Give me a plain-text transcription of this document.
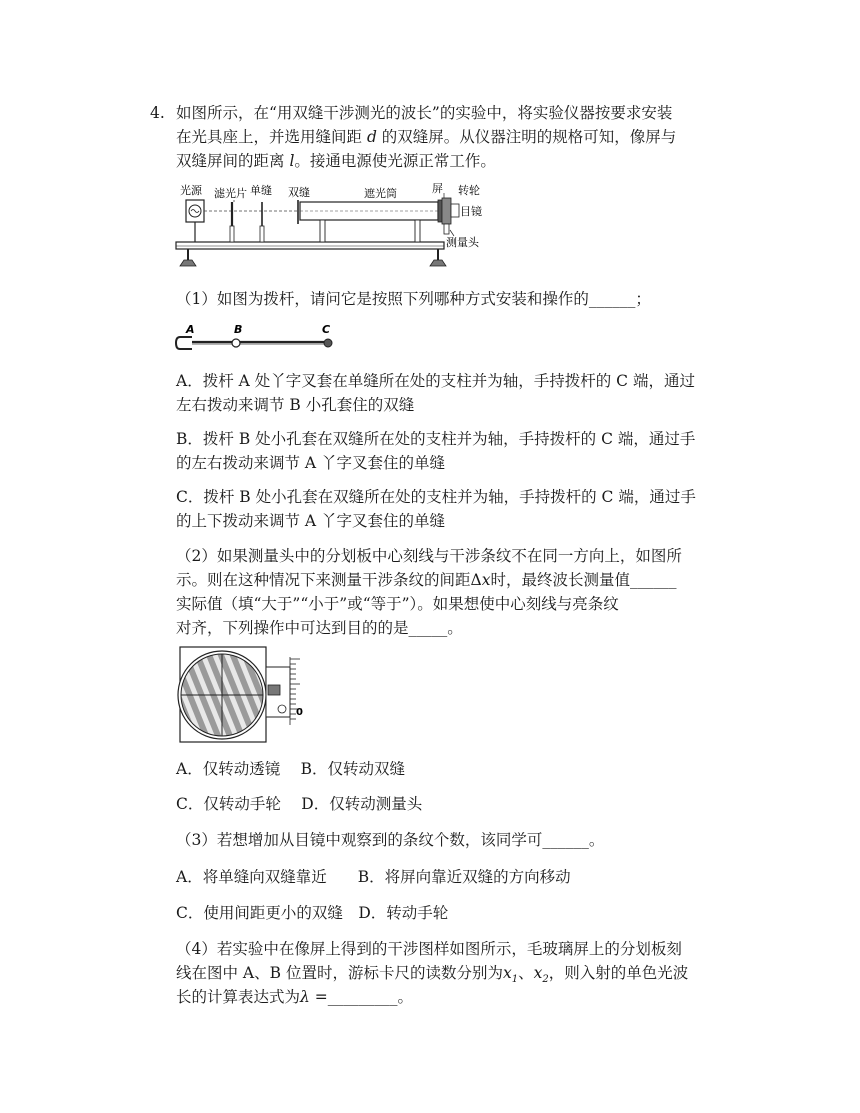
4. 如图所示，在“用双缝干涉测光的波长”的实验中，将实验仪器按要求安装
在光具座上，并选用缝间距 d 的双缝屏。从仪器注明的规格可知，像屏与
双缝屏间的距离 l。接通电源使光源正常工作。
光源 滤光片 单缝 双缝	遮光筒	屏 转轮
目镜
测量头
（1）如图为拨杆，请问它是按照下列哪种方式安装和操作的______；
A	B	C
A．拨杆 A 处丫字叉套在单缝所在处的支柱并为轴，手持拨杆的 C 端，通过
左右拨动来调节 B 小孔套住的双缝
B．拨杆 B 处小孔套在双缝所在处的支柱并为轴，手持拨杆的 C 端，通过手
的左右拨动来调节 A 丫字叉套住的单缝
C．拨杆 B 处小孔套在双缝所在处的支柱并为轴，手持拨杆的 C 端，通过手
的上下拨动来调节 A 丫字叉套住的单缝
（2）如果测量头中的分划板中心刻线与干涉条纹不在同一方向上，如图所
示。则在这种情况下来测量干涉条纹的间距Δx时，最终波长测量值______
实际值（填“大于”“小于”或“等于”）。如果想使中心刻线与亮条纹
对齐，下列操作中可达到目的的是_____。
0
A．仅转动透镜　 B．仅转动双缝
C．仅转动手轮　 D．仅转动测量头
（3）若想增加从目镜中观察到的条纹个数，该同学可______。
A．将单缝向双缝靠近　　B．将屏向靠近双缝的方向移动
C．使用间距更小的双缝　D．转动手轮
（4）若实验中在像屏上得到的干涉图样如图所示，毛玻璃屏上的分划板刻
线在图中 A、B 位置时，游标卡尺的读数分别为$x_1$、$x_2$，则入射的单色光波
长的计算表达式为λ =_________。
